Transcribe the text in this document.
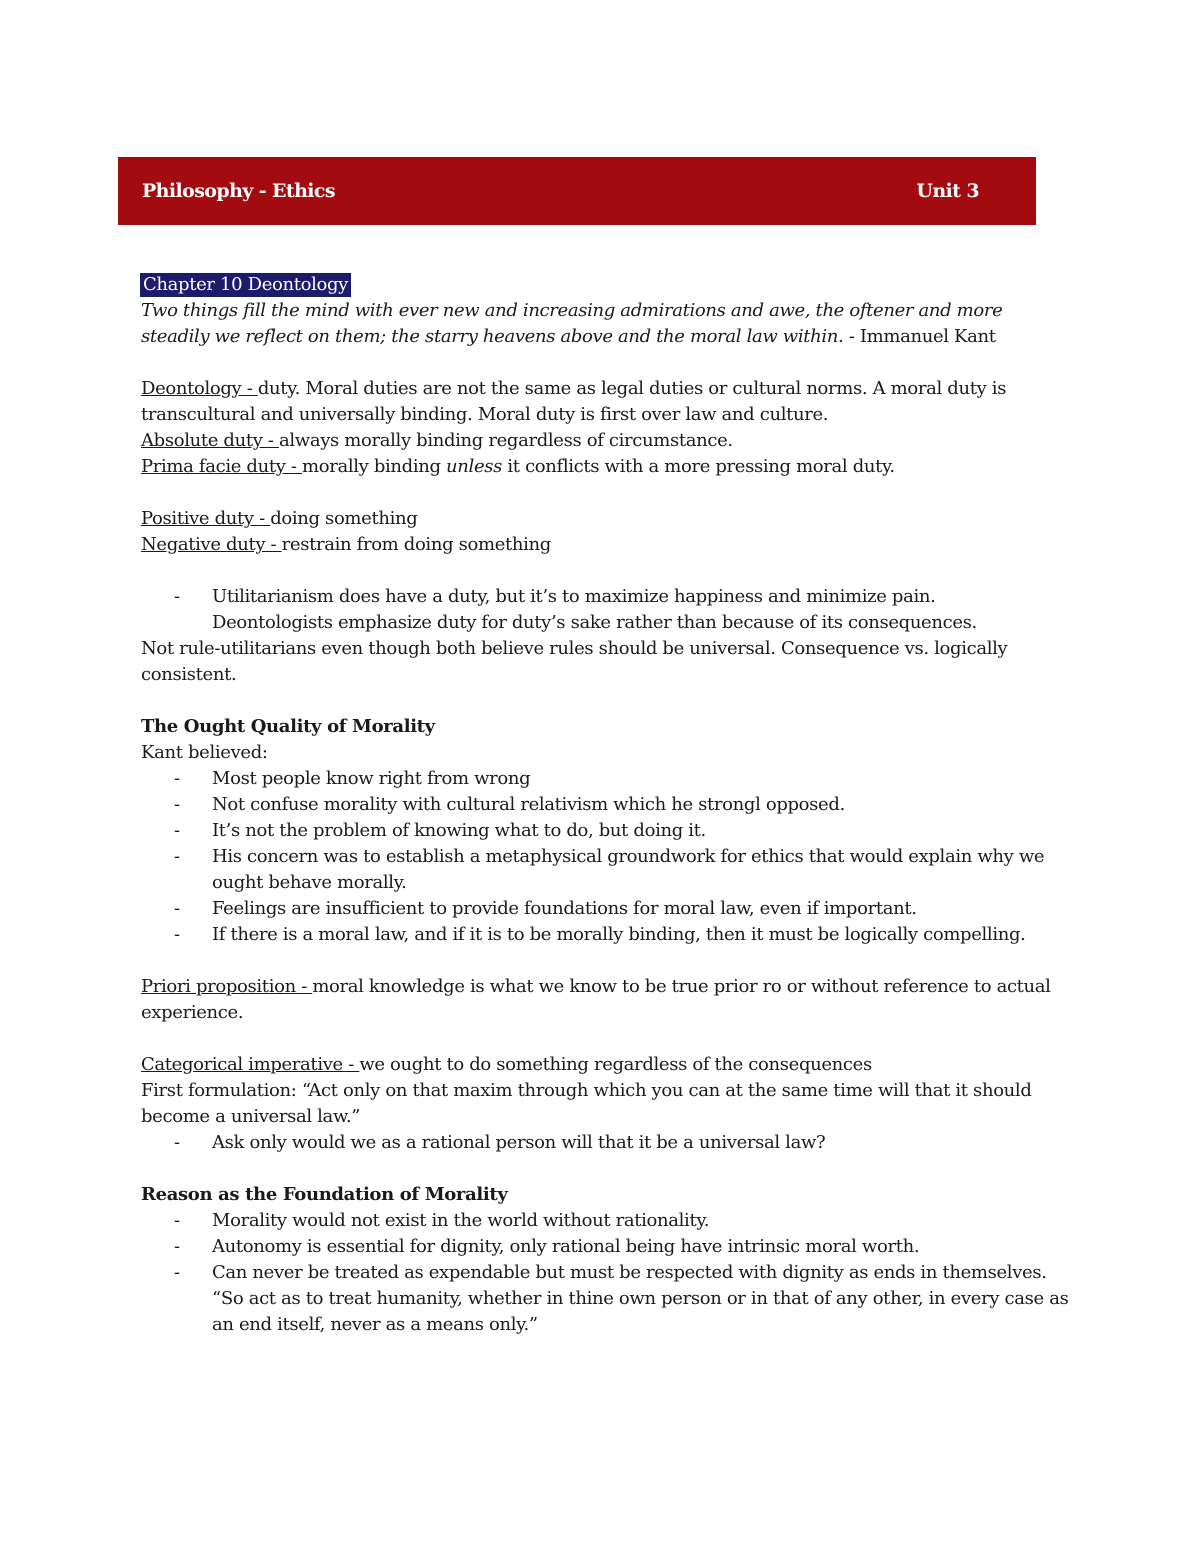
Philosophy - Ethics	Unit 3

Chapter 10 Deontology

Two things fill the mind with ever new and increasing admirations and awe, the oftener and more steadily we reflect on them; the starry heavens above and the moral law within. - Immanuel Kant

Deontology - duty. Moral duties are not the same as legal duties or cultural norms. A moral duty is transcultural and universally binding. Moral duty is first over law and culture.

Absolute duty - always morally binding regardless of circumstance.

Prima facie duty - morally binding unless it conflicts with a more pressing moral duty.

Positive duty - doing something

Negative duty - restrain from doing something

- Utilitarianism does have a duty, but it’s to maximize happiness and minimize pain.

Deontologists emphasize duty for duty’s sake rather than because of its consequences.

Not rule-utilitarians even though both believe rules should be universal. Consequence vs. logically consistent.

The Ought Quality of Morality

Kant believed:

- Most people know right from wrong
- Not confuse morality with cultural relativism which he strongl opposed.
- It’s not the problem of knowing what to do, but doing it.
- His concern was to establish a metaphysical groundwork for ethics that would explain why we ought behave morally.
- Feelings are insufficient to provide foundations for moral law, even if important.
- If there is a moral law, and if it is to be morally binding, then it must be logically compelling.

Priori proposition - moral knowledge is what we know to be true prior ro or without reference to actual experience.

Categorical imperative - we ought to do something regardless of the consequences

First formulation: “Act only on that maxim through which you can at the same time will that it should become a universal law.”

- Ask only would we as a rational person will that it be a universal law?

Reason as the Foundation of Morality

- Morality would not exist in the world without rationality.
- Autonomy is essential for dignity, only rational being have intrinsic moral worth.
- Can never be treated as expendable but must be respected with dignity as ends in themselves.

“So act as to treat humanity, whether in thine own person or in that of any other, in every case as an end itself, never as a means only.”
